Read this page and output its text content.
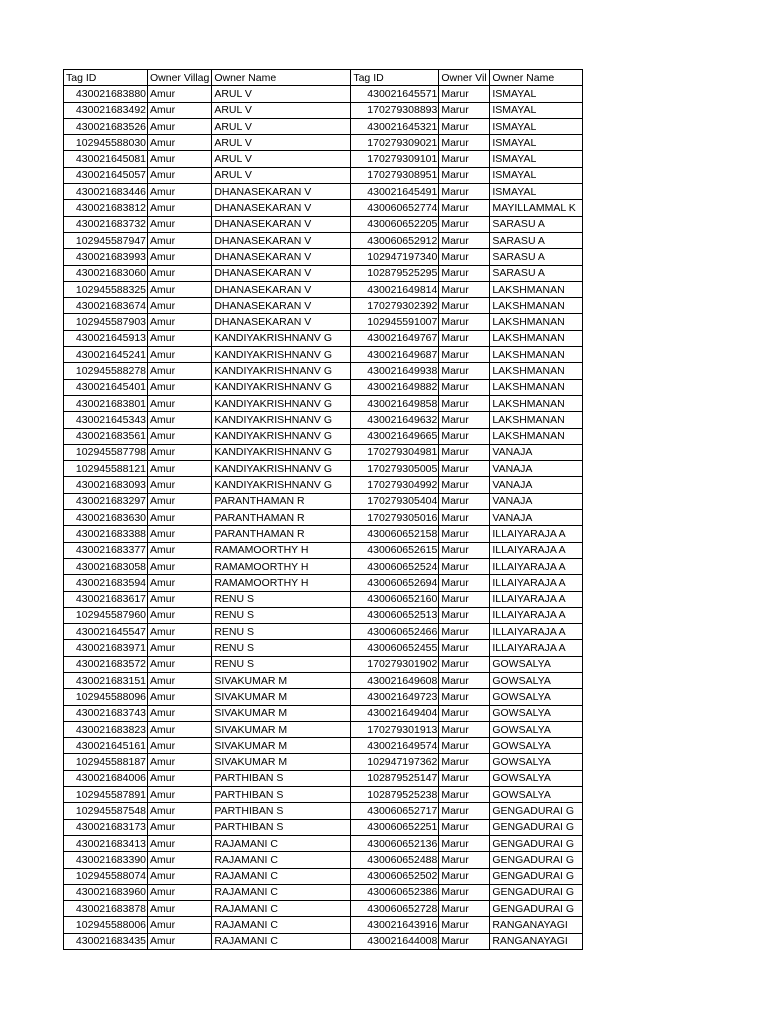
Tag ID	Owner Villag	Owner Name	Tag ID	Owner Vil	Owner Name
430021683880	Amur	ARUL V	430021645571	Marur	ISMAYAL
430021683492	Amur	ARUL V	170279308893	Marur	ISMAYAL
430021683526	Amur	ARUL V	430021645321	Marur	ISMAYAL
102945588030	Amur	ARUL V	170279309021	Marur	ISMAYAL
430021645081	Amur	ARUL V	170279309101	Marur	ISMAYAL
430021645057	Amur	ARUL V	170279308951	Marur	ISMAYAL
430021683446	Amur	DHANASEKARAN V	430021645491	Marur	ISMAYAL
430021683812	Amur	DHANASEKARAN V	430060652774	Marur	MAYILLAMMAL K
430021683732	Amur	DHANASEKARAN V	430060652205	Marur	SARASU A
102945587947	Amur	DHANASEKARAN V	430060652912	Marur	SARASU A
430021683993	Amur	DHANASEKARAN V	102947197340	Marur	SARASU A
430021683060	Amur	DHANASEKARAN V	102879525295	Marur	SARASU A
102945588325	Amur	DHANASEKARAN V	430021649814	Marur	LAKSHMANAN
430021683674	Amur	DHANASEKARAN V	170279302392	Marur	LAKSHMANAN
102945587903	Amur	DHANASEKARAN V	102945591007	Marur	LAKSHMANAN
430021645913	Amur	KANDIYAKRISHNANV G	430021649767	Marur	LAKSHMANAN
430021645241	Amur	KANDIYAKRISHNANV G	430021649687	Marur	LAKSHMANAN
102945588278	Amur	KANDIYAKRISHNANV G	430021649938	Marur	LAKSHMANAN
430021645401	Amur	KANDIYAKRISHNANV G	430021649882	Marur	LAKSHMANAN
430021683801	Amur	KANDIYAKRISHNANV G	430021649858	Marur	LAKSHMANAN
430021645343	Amur	KANDIYAKRISHNANV G	430021649632	Marur	LAKSHMANAN
430021683561	Amur	KANDIYAKRISHNANV G	430021649665	Marur	LAKSHMANAN
102945587798	Amur	KANDIYAKRISHNANV G	170279304981	Marur	VANAJA
102945588121	Amur	KANDIYAKRISHNANV G	170279305005	Marur	VANAJA
430021683093	Amur	KANDIYAKRISHNANV G	170279304992	Marur	VANAJA
430021683297	Amur	PARANTHAMAN R	170279305404	Marur	VANAJA
430021683630	Amur	PARANTHAMAN R	170279305016	Marur	VANAJA
430021683388	Amur	PARANTHAMAN R	430060652158	Marur	ILLAIYARAJA A
430021683377	Amur	RAMAMOORTHY H	430060652615	Marur	ILLAIYARAJA A
430021683058	Amur	RAMAMOORTHY H	430060652524	Marur	ILLAIYARAJA A
430021683594	Amur	RAMAMOORTHY H	430060652694	Marur	ILLAIYARAJA A
430021683617	Amur	RENU S	430060652160	Marur	ILLAIYARAJA A
102945587960	Amur	RENU S	430060652513	Marur	ILLAIYARAJA A
430021645547	Amur	RENU S	430060652466	Marur	ILLAIYARAJA A
430021683971	Amur	RENU S	430060652455	Marur	ILLAIYARAJA A
430021683572	Amur	RENU S	170279301902	Marur	GOWSALYA
430021683151	Amur	SIVAKUMAR M	430021649608	Marur	GOWSALYA
102945588096	Amur	SIVAKUMAR M	430021649723	Marur	GOWSALYA
430021683743	Amur	SIVAKUMAR M	430021649404	Marur	GOWSALYA
430021683823	Amur	SIVAKUMAR M	170279301913	Marur	GOWSALYA
430021645161	Amur	SIVAKUMAR M	430021649574	Marur	GOWSALYA
102945588187	Amur	SIVAKUMAR M	102947197362	Marur	GOWSALYA
430021684006	Amur	PARTHIBAN S	102879525147	Marur	GOWSALYA
102945587891	Amur	PARTHIBAN S	102879525238	Marur	GOWSALYA
102945587548	Amur	PARTHIBAN S	430060652717	Marur	GENGADURAI G
430021683173	Amur	PARTHIBAN S	430060652251	Marur	GENGADURAI G
430021683413	Amur	RAJAMANI C	430060652136	Marur	GENGADURAI G
430021683390	Amur	RAJAMANI C	430060652488	Marur	GENGADURAI G
102945588074	Amur	RAJAMANI C	430060652502	Marur	GENGADURAI G
430021683960	Amur	RAJAMANI C	430060652386	Marur	GENGADURAI G
430021683878	Amur	RAJAMANI C	430060652728	Marur	GENGADURAI G
102945588006	Amur	RAJAMANI C	430021643916	Marur	RANGANAYAGI
430021683435	Amur	RAJAMANI C	430021644008	Marur	RANGANAYAGI
